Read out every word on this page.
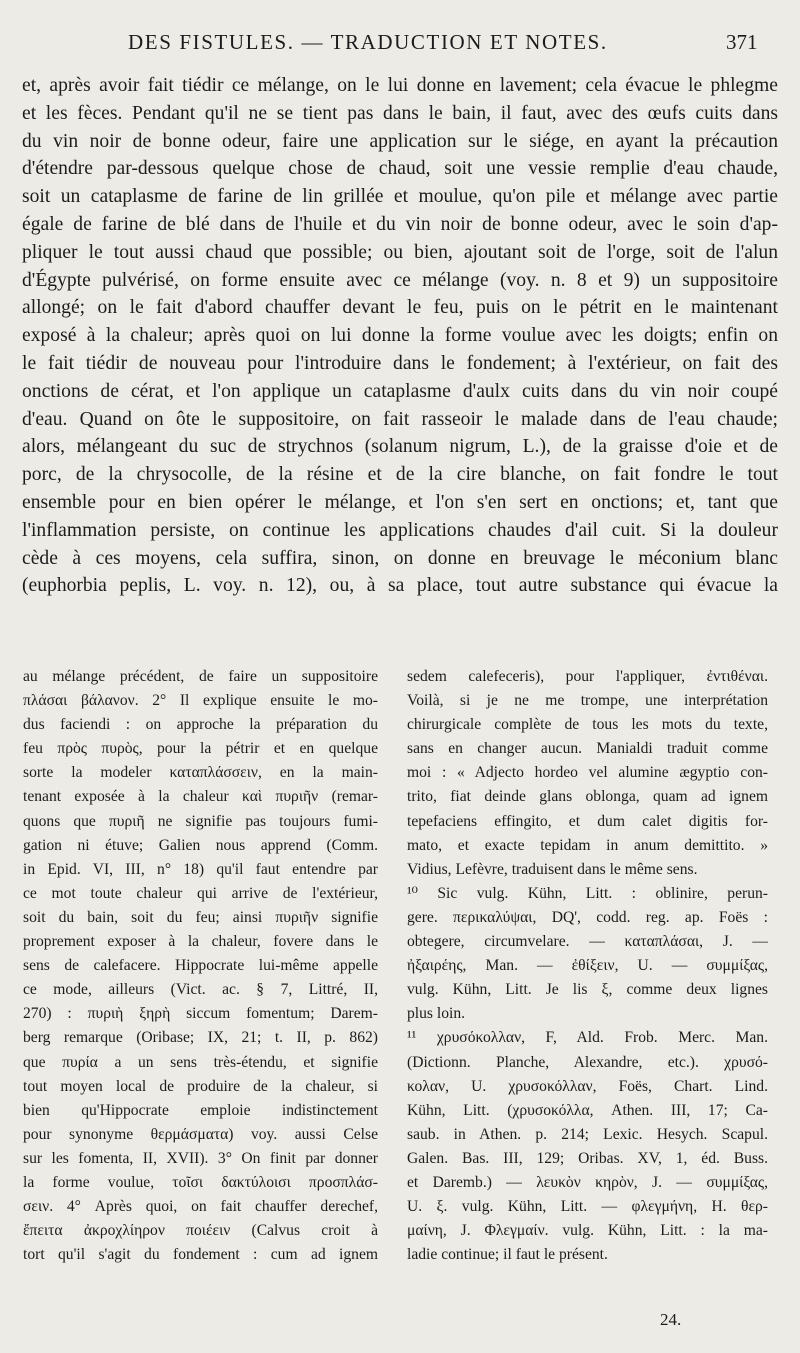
DES FISTULES. — TRADUCTION ET NOTES.	371
et, après avoir fait tiédir ce mélange, on le lui donne en lavement; cela évacue le phlegme
et les fèces. Pendant qu'il ne se tient pas dans le bain, il faut, avec des œufs cuits dans
du vin noir de bonne odeur, faire une application sur le siége, en ayant la précaution
d'étendre par-dessous quelque chose de chaud, soit une vessie remplie d'eau chaude,
soit un cataplasme de farine de lin grillée et moulue, qu'on pile et mélange avec partie
égale de farine de blé dans de l'huile et du vin noir de bonne odeur, avec le soin d'ap-
pliquer le tout aussi chaud que possible; ou bien, ajoutant soit de l'orge, soit de l'alun
d'Égypte pulvérisé, on forme ensuite avec ce mélange (voy. n. 8 et 9) un suppositoire
allongé; on le fait d'abord chauffer devant le feu, puis on le pétrit en le maintenant
exposé à la chaleur; après quoi on lui donne la forme voulue avec les doigts; enfin on
le fait tiédir de nouveau pour l'introduire dans le fondement; à l'extérieur, on fait des
onctions de cérat, et l'on applique un cataplasme d'aulx cuits dans du vin noir coupé
d'eau. Quand on ôte le suppositoire, on fait rasseoir le malade dans de l'eau chaude;
alors, mélangeant du suc de strychnos (solanum nigrum, L.), de la graisse d'oie et de
porc, de la chrysocolle, de la résine et de la cire blanche, on fait fondre le tout
ensemble pour en bien opérer le mélange, et l'on s'en sert en onctions; et, tant que
l'inflammation persiste, on continue les applications chaudes d'ail cuit. Si la douleur
cède à ces moyens, cela suffira, sinon, on donne en breuvage le méconium blanc
(euphorbia peplis, L. voy. n. 12), ou, à sa place, tout autre substance qui évacue la
au mélange précédent, de faire un suppositoire
πλάσαι βάλανον. 2° Il explique ensuite le mo-
dus faciendi : on approche la préparation du
feu πρὸς πυρὸς, pour la pétrir et en quelque
sorte la modeler καταπλάσσειν, en la main-
tenant exposée à la chaleur καὶ πυριῆν (remar-
quons que πυριῆ ne signifie pas toujours fumi-
gation ni étuve; Galien nous apprend (Comm.
in Epid. VI, III, n° 18) qu'il faut entendre par
ce mot toute chaleur qui arrive de l'extérieur,
soit du bain, soit du feu; ainsi πυριῆν signifie
proprement exposer à la chaleur, fovere dans le
sens de calefacere. Hippocrate lui-même appelle
ce mode, ailleurs (Vict. ac. § 7, Littré, II,
270) : πυριὴ ξηρὴ siccum fomentum; Darem-
berg remarque (Oribase; IX, 21; t. II, p. 862)
que πυρία a un sens très-étendu, et signifie
tout moyen local de produire de la chaleur, si
bien qu'Hippocrate emploie indistinctement
pour synonyme θερμάσματα) voy. aussi Celse
sur les fomenta, II, XVII). 3° On finit par donner
la forme voulue, τοῖσι δακτύλοισι προσπλάσ-
σειν. 4° Après quoi, on fait chauffer derechef,
ἔπειτα ἀκροχλίηρον ποιέειν (Calvus croit à
tort qu'il s'agit du fondement : cum ad ignem
sedem calefeceris), pour l'appliquer, ἐντιθέναι.
Voilà, si je ne me trompe, une interprétation
chirurgicale complète de tous les mots du texte,
sans en changer aucun. Manialdi traduit comme
moi : « Adjecto hordeo vel alumine ægyptio con-
trito, fiat deinde glans oblonga, quam ad ignem
tepefaciens effingito, et dum calet digitis for-
mato, et exacte tepidam in anum demittito. »
Vidius, Lefèvre, traduisent dans le même sens.
¹⁰ Sic vulg. Kühn, Litt. : oblinire, perun-
gere. περικαλύψαι, DQ', codd. reg. ap. Foës :
obtegere, circumvelare. — καταπλάσαι, J. —
ἠξαιρέης, Man. — ἐθίξειν, U. — συμμίξας,
vulg. Kühn, Litt. Je lis ξ, comme deux lignes
plus loin.
¹¹ χρυσόκολλαν, F, Ald. Frob. Merc. Man.
(Dictionn. Planche, Alexandre, etc.). χρυσό-
κολαν, U. χρυσοκόλλαν, Foës, Chart. Lind.
Kühn, Litt. (χρυσοκόλλα, Athen. III, 17; Ca-
saub. in Athen. p. 214; Lexic. Hesych. Scapul.
Galen. Bas. III, 129; Oribas. XV, 1, éd. Buss.
et Daremb.) — λευκὸν κηρὸν, J. — συμμίξας,
U. ξ. vulg. Kühn, Litt. — φλεγμήνη, H. θερ-
μαίνη, J. Φλεγμαίν. vulg. Kühn, Litt. : la ma-
ladie continue; il faut le présent.
24.
